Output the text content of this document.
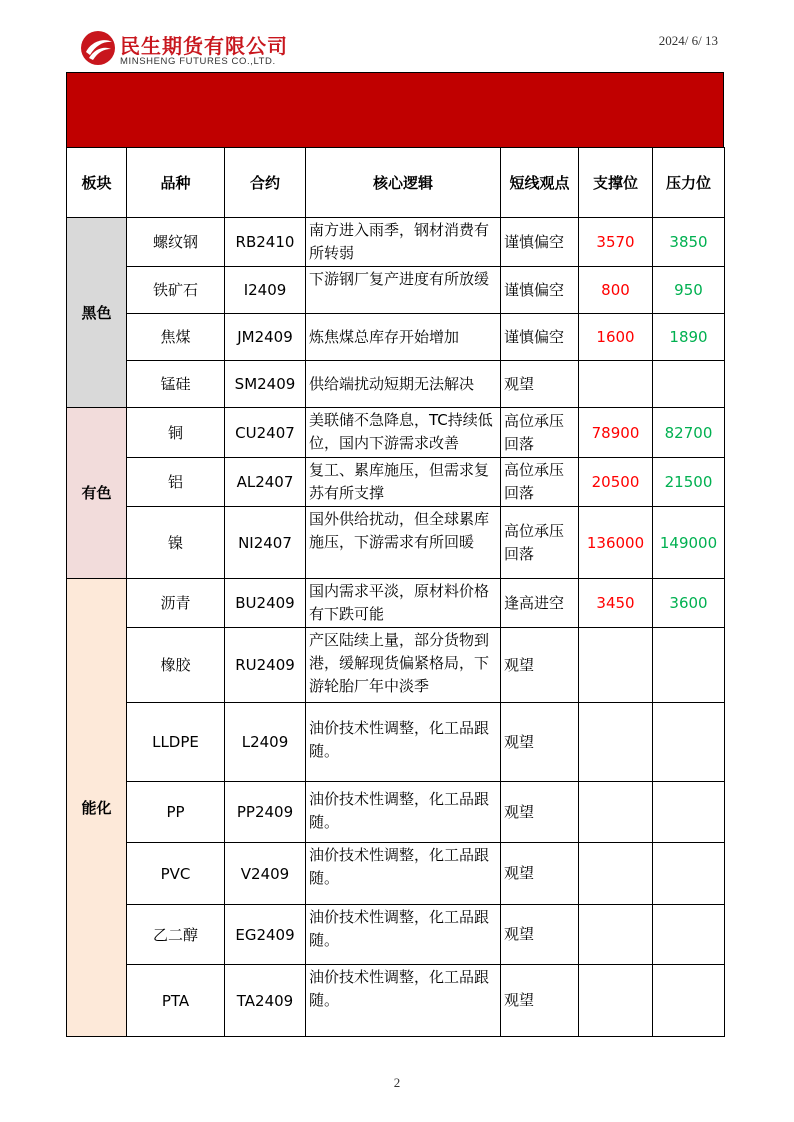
民生期货有限公司
MINSHENG FUTURES CO.,LTD.
2024/ 6/ 13
板块	品种	合约	核心逻辑	短线观点	支撑位	压力位
黑色	螺纹钢	RB2410	南方进入雨季，钢材消费有所转弱	谨慎偏空	3570	3850
	铁矿石	I2409	下游钢厂复产进度有所放缓	谨慎偏空	800	950
	焦煤	JM2409	炼焦煤总库存开始增加	谨慎偏空	1600	1890
	锰硅	SM2409	供给端扰动短期无法解决	观望		
有色	铜	CU2407	美联储不急降息，TC持续低位，国内下游需求改善	高位承压回落	78900	82700
	铝	AL2407	复工、累库施压，但需求复苏有所支撑	高位承压回落	20500	21500
	镍	NI2407	国外供给扰动，但全球累库施压，下游需求有所回暖	高位承压回落	136000	149000
能化	沥青	BU2409	国内需求平淡，原材料价格有下跌可能	逢高进空	3450	3600
	橡胶	RU2409	产区陆续上量，部分货物到港，缓解现货偏紧格局，下游轮胎厂年中淡季	观望		
	LLDPE	L2409	油价技术性调整，化工品跟随。	观望		
	PP	PP2409	油价技术性调整，化工品跟随。	观望		
	PVC	V2409	油价技术性调整，化工品跟随。	观望		
	乙二醇	EG2409	油价技术性调整，化工品跟随。	观望		
	PTA	TA2409	油价技术性调整，化工品跟随。	观望		
2
